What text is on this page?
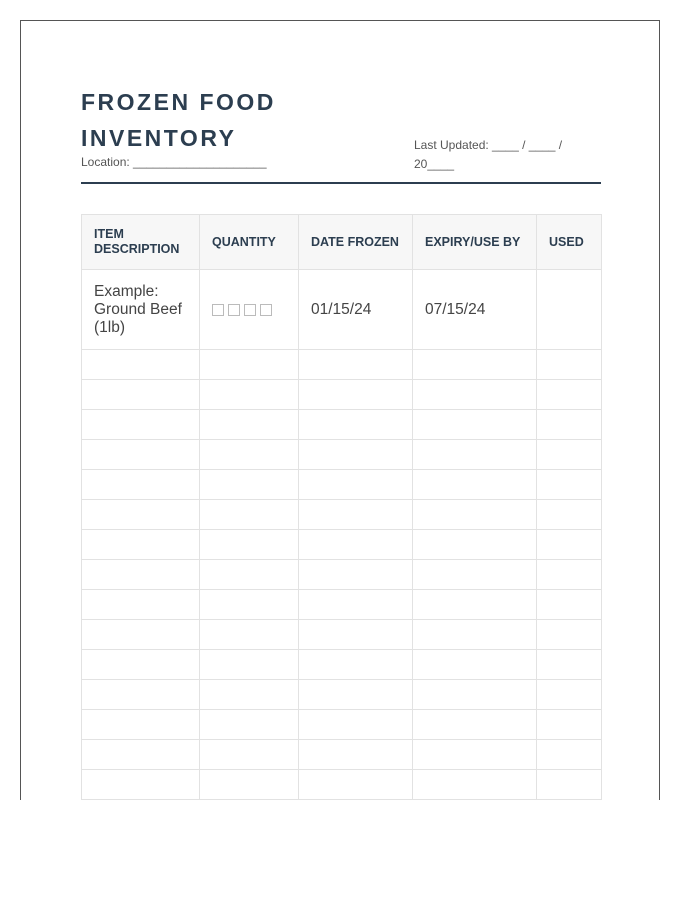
FROZEN FOOD INVENTORY
Location: ____________________
Last Updated: ____ / ____ / 20____
ITEM DESCRIPTION	QUANTITY	DATE FROZEN	EXPIRY/USE BY	USED
Example: Ground Beef (1lb)		01/15/24	07/15/24	
